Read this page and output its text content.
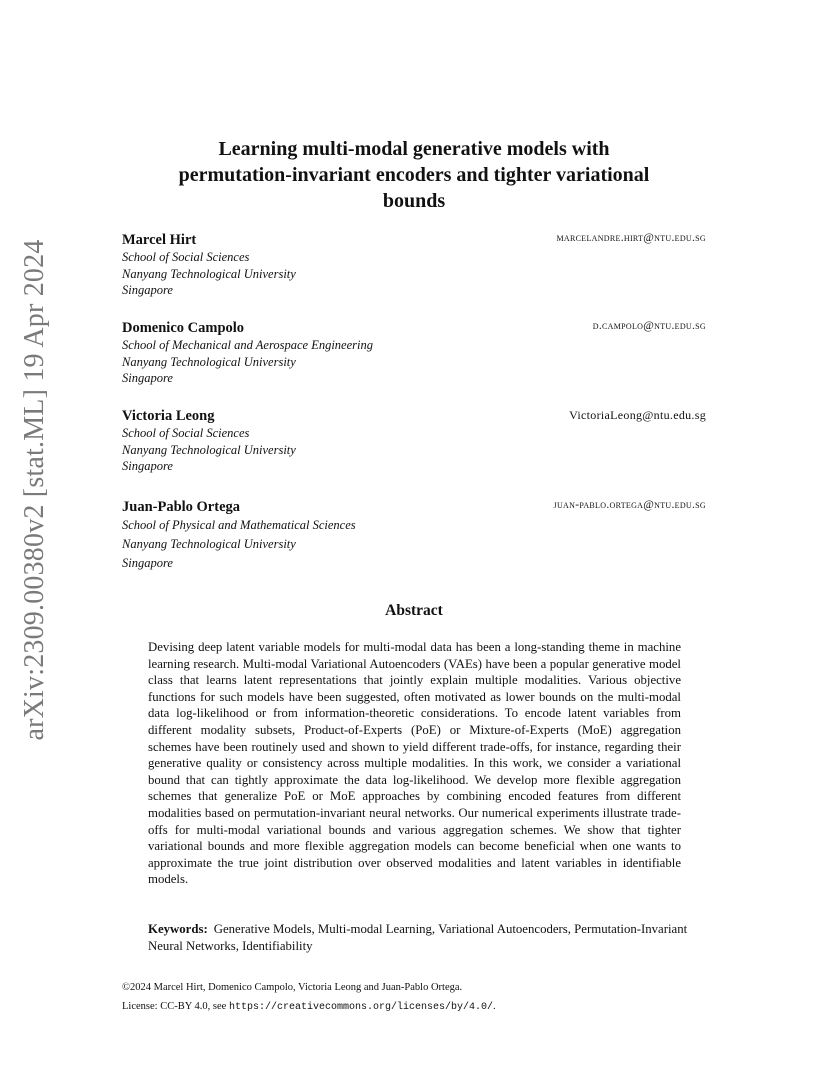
arXiv:2309.00380v2 [stat.ML] 19 Apr 2024
Learning multi-modal generative models with
permutation-invariant encoders and tighter variational
bounds
Marcel Hirt	marcelandre.hirt@ntu.edu.sg
School of Social Sciences
Nanyang Technological University
Singapore
Domenico Campolo	d.campolo@ntu.edu.sg
School of Mechanical and Aerospace Engineering
Nanyang Technological University
Singapore
Victoria Leong	VictoriaLeong@ntu.edu.sg
School of Social Sciences
Nanyang Technological University
Singapore
Juan-Pablo Ortega	juan-pablo.ortega@ntu.edu.sg
School of Physical and Mathematical Sciences
Nanyang Technological University
Singapore
Abstract
Devising deep latent variable models for multi-modal data has been a long-standing theme in machine learning research. Multi-modal Variational Autoencoders (VAEs) have been a popular generative model class that learns latent representations that jointly explain multiple modalities. Various objective functions for such models have been suggested, often motivated as lower bounds on the multi-modal data log-likelihood or from information-theoretic considerations. To encode latent variables from different modality subsets, Product-of-Experts (PoE) or Mixture-of-Experts (MoE) aggregation schemes have been routinely used and shown to yield different trade-offs, for instance, regarding their generative quality or consistency across multiple modalities. In this work, we consider a variational bound that can tightly approximate the data log-likelihood. We develop more flexible aggregation schemes that generalize PoE or MoE approaches by combining encoded features from different modalities based on permutation-invariant neural networks. Our numerical experiments illustrate trade-offs for multi-modal variational bounds and various aggregation schemes. We show that tighter variational bounds and more flexible aggregation models can become beneficial when one wants to approximate the true joint distribution over observed modalities and latent variables in identifiable models.
Keywords: Generative Models, Multi-modal Learning, Variational Autoencoders, Permutation-Invariant Neural Networks, Identifiability
©2024 Marcel Hirt, Domenico Campolo, Victoria Leong and Juan-Pablo Ortega.
License: CC-BY 4.0, see https://creativecommons.org/licenses/by/4.0/.
